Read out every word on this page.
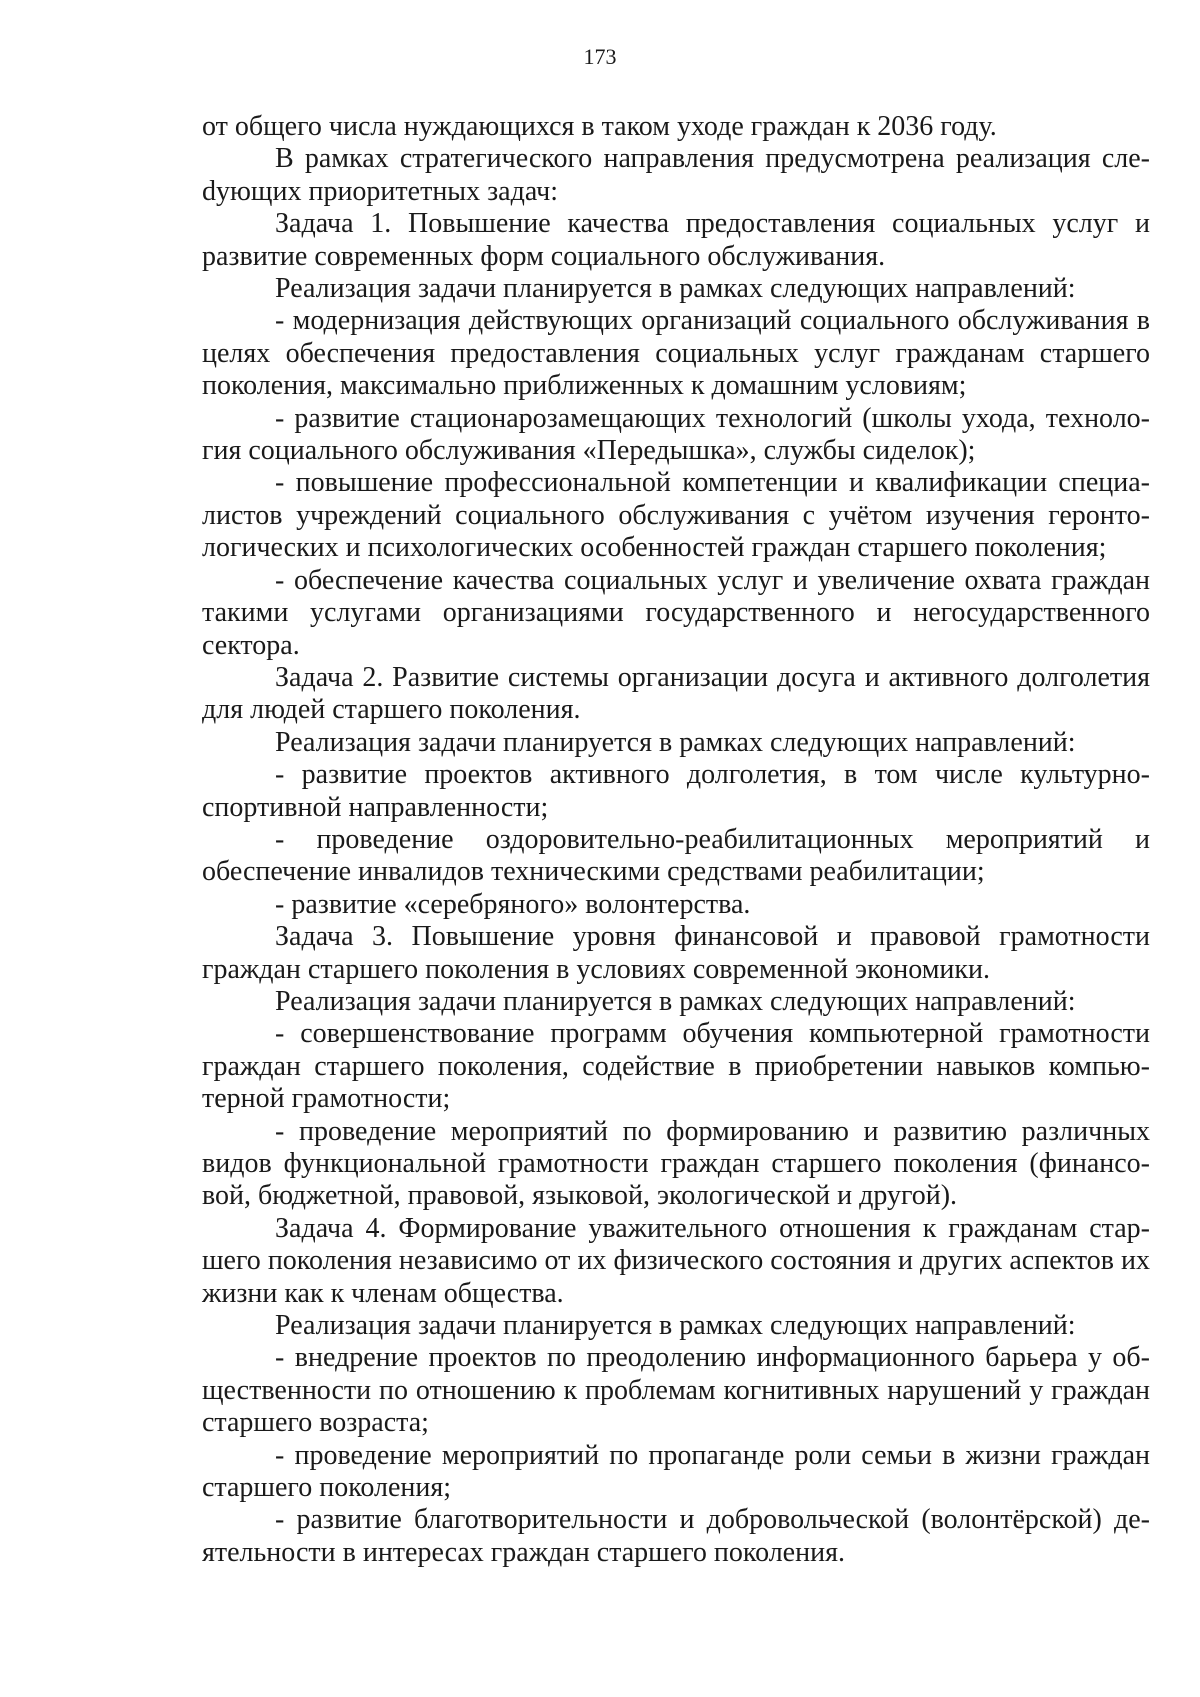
173

от общего числа нуждающихся в таком уходе граждан к 2036 году.

В рамках стратегического направления предусмотрена реализация слеdующих приоритетных задач:

Задача 1. Повышение качества предоставления социальных услуг и развитие современных форм социального обслуживания.

Реализация задачи планируется в рамках следующих направлений:

- модернизация действующих организаций социального обслуживания в целях обеспечения предоставления социальных услуг гражданам старшего поколения, максимально приближенных к домашним условиям;

- развитие стационарозамещающих технологий (школы ухода, технология социального обслуживания «Передышка», службы сиделок);

- повышение профессиональной компетенции и квалификации специалистов учреждений социального обслуживания с учётом изучения геронтологических и психологических особенностей граждан старшего поколения;

- обеспечение качества социальных услуг и увеличение охвата граждан такими услугами организациями государственного и негосударственного сектора.

Задача 2. Развитие системы организации досуга и активного долголетия для людей старшего поколения.

Реализация задачи планируется в рамках следующих направлений:

- развитие проектов активного долголетия, в том числе культурно-спортивной направленности;

- проведение оздоровительно-реабилитационных мероприятий и обеспечение инвалидов техническими средствами реабилитации;

- развитие «серебряного» волонтерства.

Задача 3. Повышение уровня финансовой и правовой грамотности граждан старшего поколения в условиях современной экономики.

Реализация задачи планируется в рамках следующих направлений:

- совершенствование программ обучения компьютерной грамотности граждан старшего поколения, содействие в приобретении навыков компьютерной грамотности;

- проведение мероприятий по формированию и развитию различных видов функциональной грамотности граждан старшего поколения (финансовой, бюджетной, правовой, языковой, экологической и другой).

Задача 4. Формирование уважительного отношения к гражданам старшего поколения независимо от их физического состояния и других аспектов их жизни как к членам общества.

Реализация задачи планируется в рамках следующих направлений:

- внедрение проектов по преодолению информационного барьера у общественности по отношению к проблемам когнитивных нарушений у граждан старшего возраста;

- проведение мероприятий по пропаганде роли семьи в жизни граждан старшего поколения;

- развитие благотворительности и добровольческой (волонтёрской) деятельности в интересах граждан старшего поколения.
